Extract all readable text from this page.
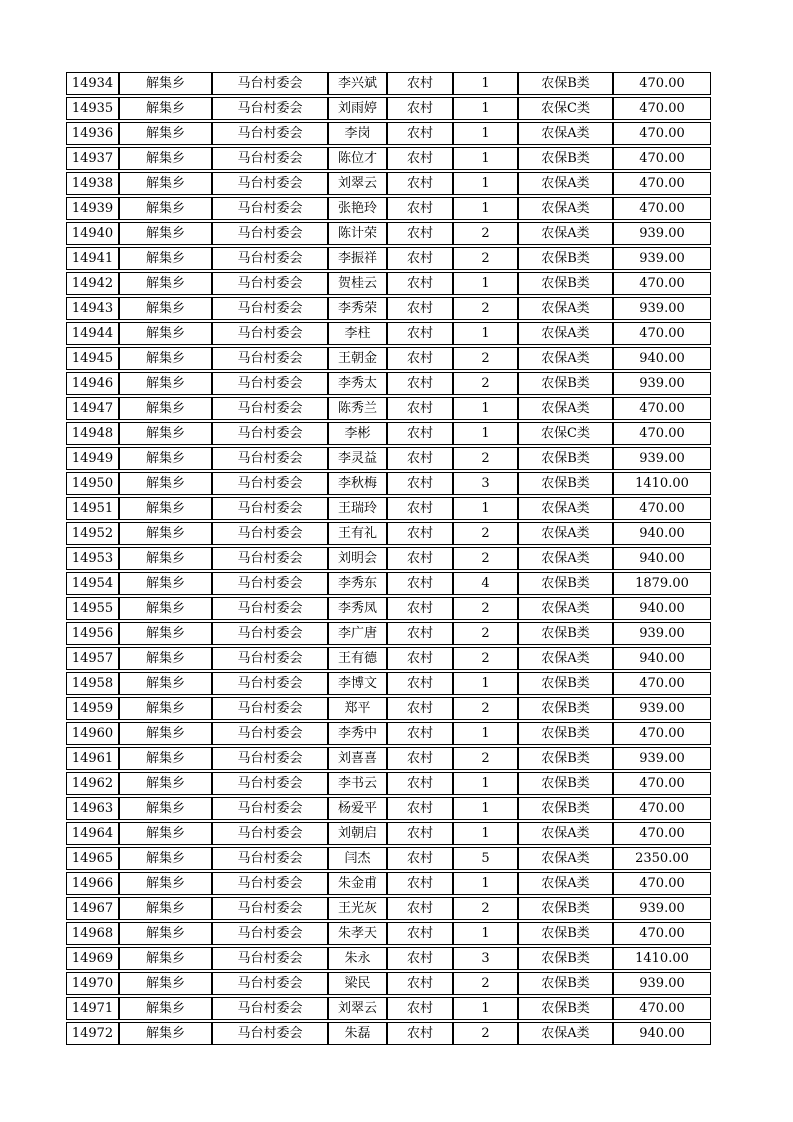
14934	解集乡	马台村委会	李兴斌	农村	1	农保B类	470.00
14935	解集乡	马台村委会	刘雨婷	农村	1	农保C类	470.00
14936	解集乡	马台村委会	李岗	农村	1	农保A类	470.00
14937	解集乡	马台村委会	陈位才	农村	1	农保B类	470.00
14938	解集乡	马台村委会	刘翠云	农村	1	农保A类	470.00
14939	解集乡	马台村委会	张艳玲	农村	1	农保A类	470.00
14940	解集乡	马台村委会	陈计荣	农村	2	农保A类	939.00
14941	解集乡	马台村委会	李振祥	农村	2	农保B类	939.00
14942	解集乡	马台村委会	贺桂云	农村	1	农保B类	470.00
14943	解集乡	马台村委会	李秀荣	农村	2	农保A类	939.00
14944	解集乡	马台村委会	李柱	农村	1	农保A类	470.00
14945	解集乡	马台村委会	王朝金	农村	2	农保A类	940.00
14946	解集乡	马台村委会	李秀太	农村	2	农保B类	939.00
14947	解集乡	马台村委会	陈秀兰	农村	1	农保A类	470.00
14948	解集乡	马台村委会	李彬	农村	1	农保C类	470.00
14949	解集乡	马台村委会	李灵益	农村	2	农保B类	939.00
14950	解集乡	马台村委会	李秋梅	农村	3	农保B类	1410.00
14951	解集乡	马台村委会	王瑞玲	农村	1	农保A类	470.00
14952	解集乡	马台村委会	王有礼	农村	2	农保A类	940.00
14953	解集乡	马台村委会	刘明会	农村	2	农保A类	940.00
14954	解集乡	马台村委会	李秀东	农村	4	农保B类	1879.00
14955	解集乡	马台村委会	李秀凤	农村	2	农保A类	940.00
14956	解集乡	马台村委会	李广唐	农村	2	农保B类	939.00
14957	解集乡	马台村委会	王有德	农村	2	农保A类	940.00
14958	解集乡	马台村委会	李博文	农村	1	农保B类	470.00
14959	解集乡	马台村委会	郑平	农村	2	农保B类	939.00
14960	解集乡	马台村委会	李秀中	农村	1	农保B类	470.00
14961	解集乡	马台村委会	刘喜喜	农村	2	农保B类	939.00
14962	解集乡	马台村委会	李书云	农村	1	农保B类	470.00
14963	解集乡	马台村委会	杨爱平	农村	1	农保B类	470.00
14964	解集乡	马台村委会	刘朝启	农村	1	农保A类	470.00
14965	解集乡	马台村委会	闫杰	农村	5	农保A类	2350.00
14966	解集乡	马台村委会	朱金甫	农村	1	农保A类	470.00
14967	解集乡	马台村委会	王光灰	农村	2	农保B类	939.00
14968	解集乡	马台村委会	朱孝天	农村	1	农保B类	470.00
14969	解集乡	马台村委会	朱永	农村	3	农保B类	1410.00
14970	解集乡	马台村委会	梁民	农村	2	农保B类	939.00
14971	解集乡	马台村委会	刘翠云	农村	1	农保B类	470.00
14972	解集乡	马台村委会	朱磊	农村	2	农保A类	940.00
